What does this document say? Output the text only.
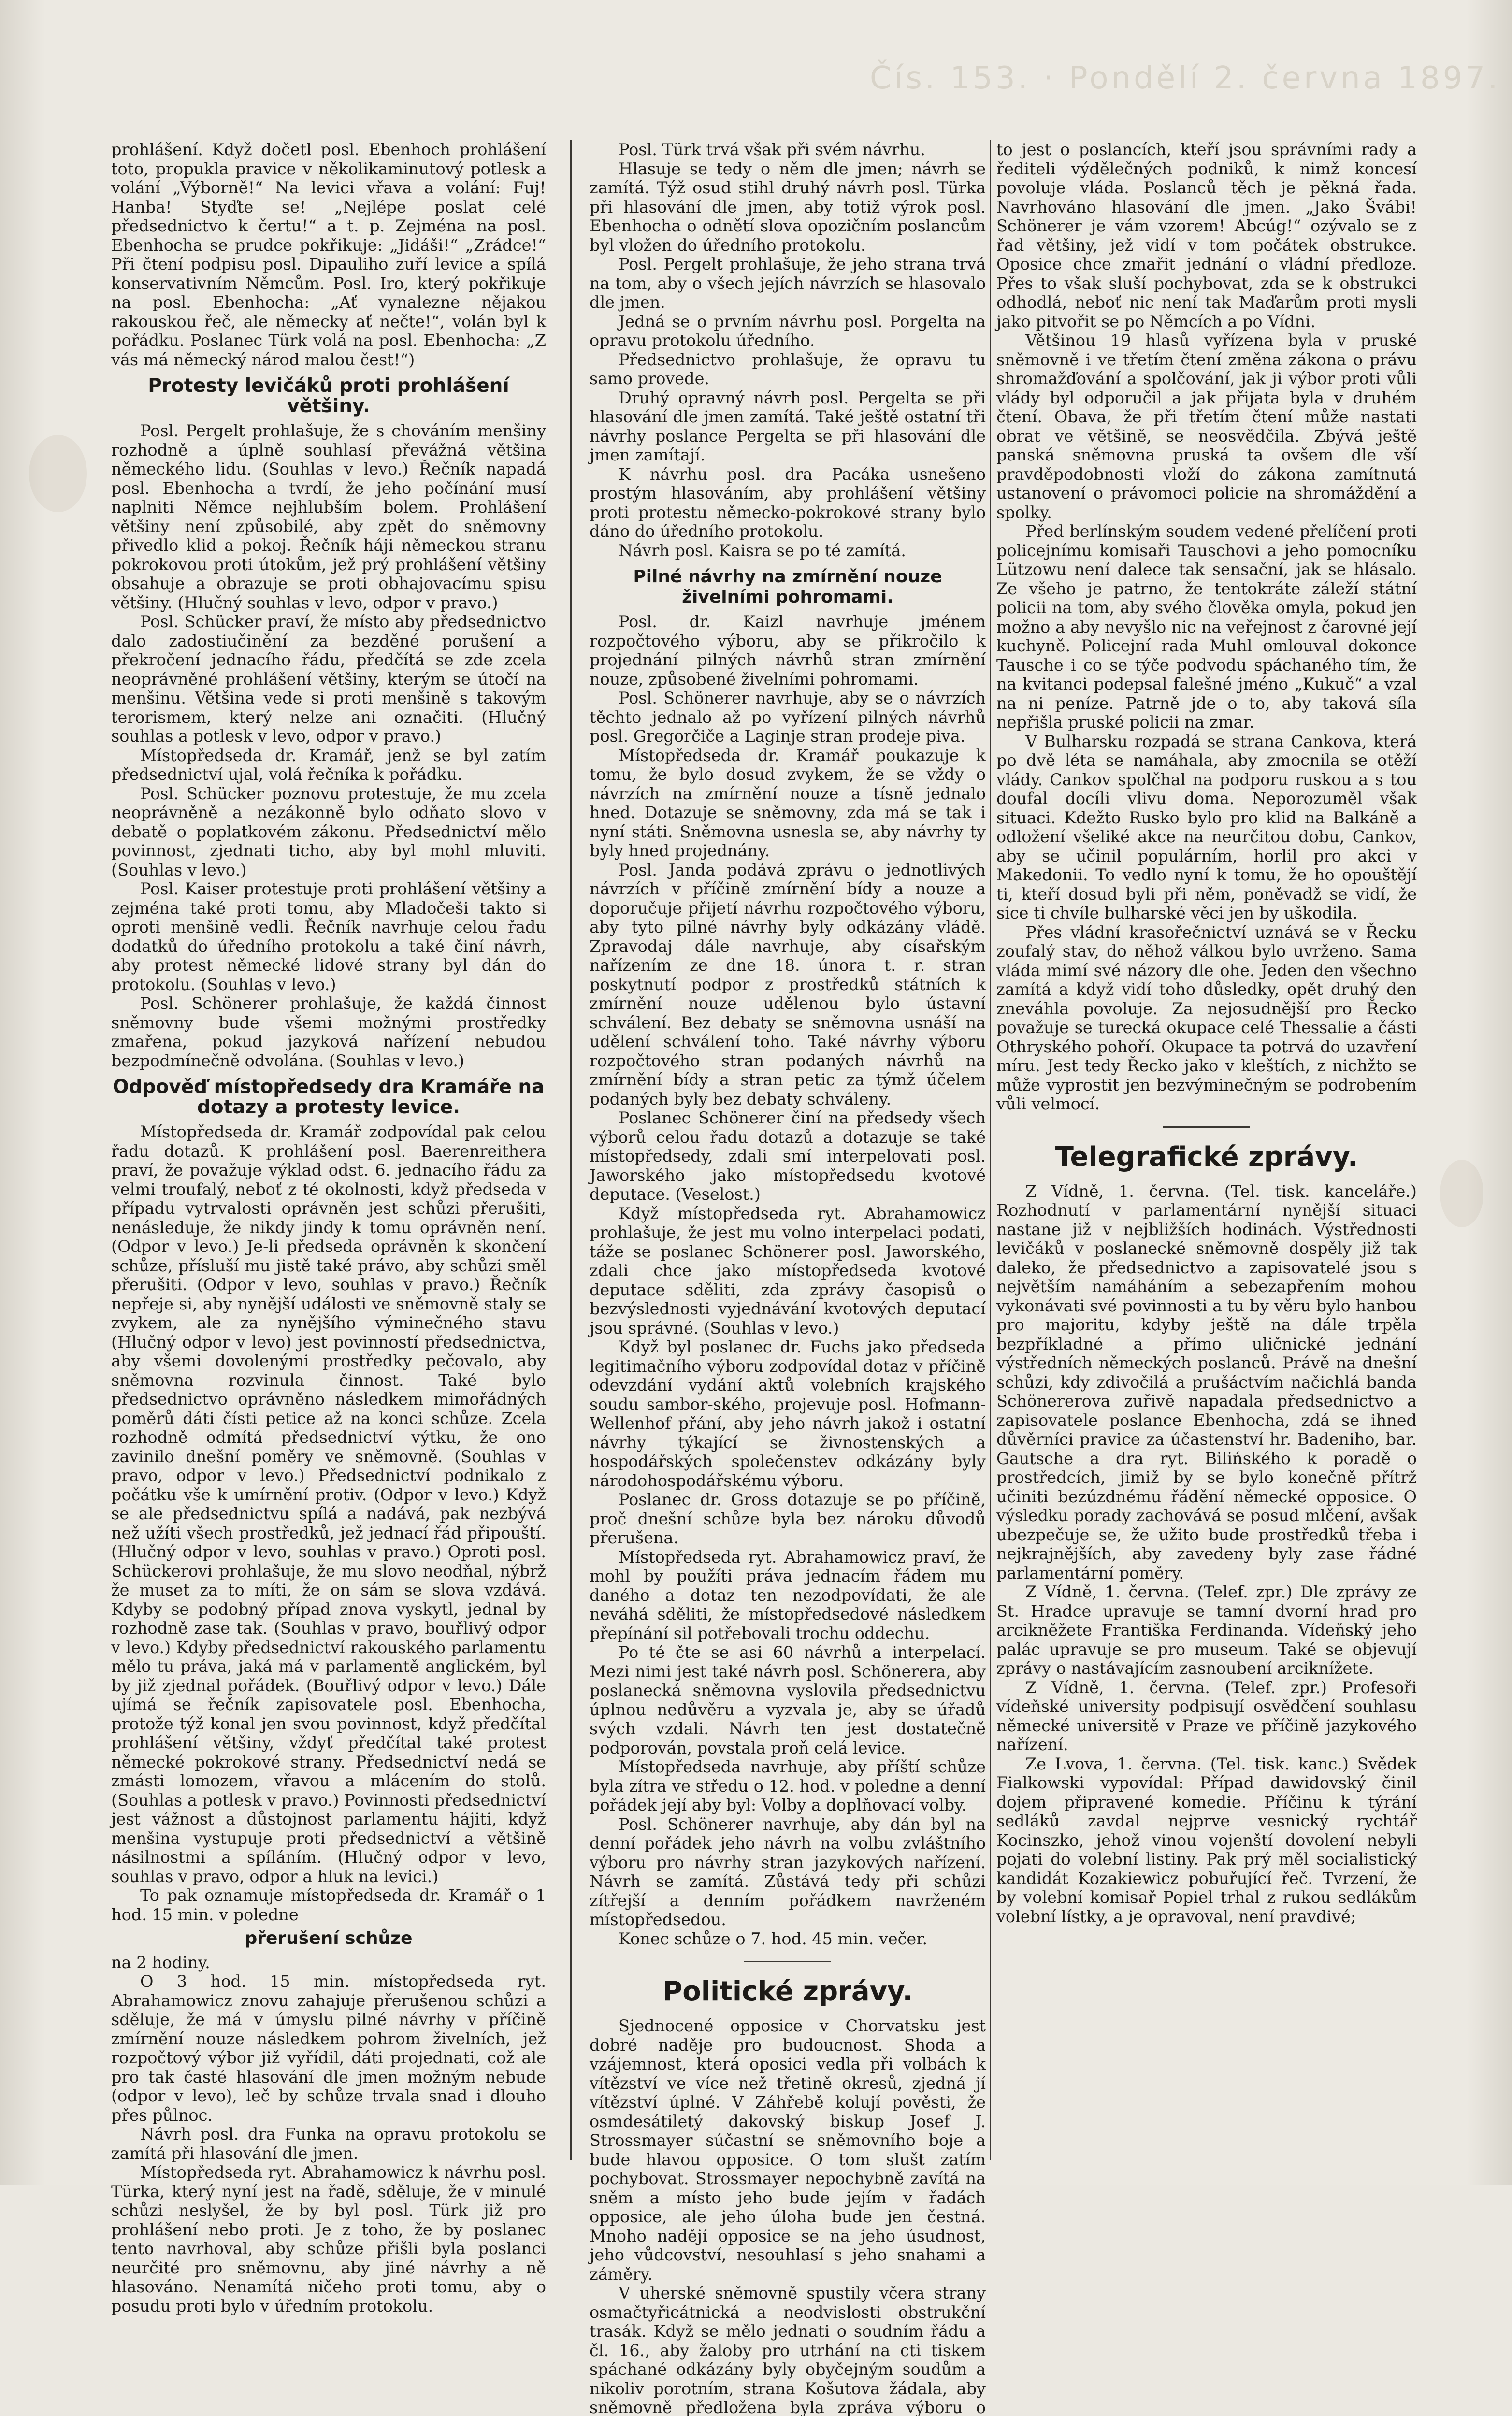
Čís. 153. · Pondělí 2. června 1897.

prohlášení. Když dočetl posl. Ebenhoch prohlášení toto, propukla pravice v několikaminutový potlesk a volání „Výborně!“ Na levici vřava a volání: Fuj! Hanba! Styďte se! „Nejlépe poslat celé předsednictvo k čertu!“ a t. p. Zejména na posl. Ebenhocha se prudce pokřikuje: „Jidáši!“ „Zrádce!“ Při čtení podpisu posl. Dipauliho zuří levice a spílá konservativním Němcům. Posl. Iro, který pokřikuje na posl. Ebenhocha: „Ať vynalezne nějakou rakouskou řeč, ale německy ať nečte!“, volán byl k pořádku. Poslanec Türk volá na posl. Ebenhocha: „Z vás má německý národ malou čest!“)

Protesty levičáků proti prohlášení většiny.

Posl. Pergelt prohlašuje, že s chováním menšiny rozhodně a úplně souhlasí převážná většina německého lidu. (Souhlas v levo.) Řečník napadá posl. Ebenhocha a tvrdí, že jeho počínání musí naplniti Němce nejhlubším bolem. Prohlášení většiny není způsobilé, aby zpět do sněmovny přivedlo klid a pokoj. Řečník háji německou stranu pokrokovou proti útokům, jež prý prohlášení většiny obsahuje a obrazuje se proti obhajovacímu spisu většiny. (Hlučný souhlas v levo, odpor v pravo.)

Posl. Schücker praví, že místo aby předsednictvo dalo zadostiučinění za bezděné porušení a překročení jednacího řádu, předčítá se zde zcela neoprávněné prohlášení většiny, kterým se útočí na menšinu. Většina vede si proti menšině s takovým terorismem, který nelze ani označiti. (Hlučný souhlas a potlesk v levo, odpor v pravo.)

Místopředseda dr. Kramář, jenž se byl zatím předsednictví ujal, volá řečníka k pořádku.

Posl. Schücker poznovu protestuje, že mu zcela neoprávněně a nezákonně bylo odňato slovo v debatě o poplatkovém zákonu. Předsednictví mělo povinnost, zjednati ticho, aby byl mohl mluviti. (Souhlas v levo.)

Posl. Kaiser protestuje proti prohlášení většiny a zejména také proti tomu, aby Mladočeši takto si oproti menšině vedli. Řečník navrhuje celou řadu dodatků do úředního protokolu a také činí návrh, aby protest německé lidové strany byl dán do protokolu. (Souhlas v levo.)

Posl. Schönerer prohlašuje, že každá činnost sněmovny bude všemi možnými prostředky zmařena, pokud jazyková nařízení nebudou bezpodmínečně odvolána. (Souhlas v levo.)

Odpověď místopředsedy dra Kramáře na dotazy a protesty levice.

Místopředseda dr. Kramář zodpovídal pak celou řadu dotazů. K prohlášení posl. Baerenreithera praví, že považuje výklad odst. 6. jednacího řádu za velmi troufalý, neboť z té okolnosti, když předseda v případu vytrvalosti oprávněn jest schůzi přerušiti, nenásleduje, že nikdy jindy k tomu oprávněn není. (Odpor v levo.) Je-li předseda oprávněn k skončení schůze, přísluší mu jistě také právo, aby schůzi směl přerušiti. (Odpor v levo, souhlas v pravo.) Řečník nepřeje si, aby nynější události ve sněmovně staly se zvykem, ale za nynějšího výminečného stavu (Hlučný odpor v levo) jest povinností předsednictva, aby všemi dovolenými prostředky pečovalo, aby sněmovna rozvinula činnost. Také bylo předsednictvo oprávněno následkem mimořádných poměrů dáti čísti petice až na konci schůze. Zcela rozhodně odmítá předsednictví výtku, že ono zavinilo dnešní poměry ve sněmovně. (Souhlas v pravo, odpor v levo.) Předsednictví podnikalo z počátku vše k umírnění protiv. (Odpor v levo.) Když se ale předsednictvu spílá a nadává, pak nezbývá než užíti všech prostředků, jež jednací řád připouští. (Hlučný odpor v levo, souhlas v pravo.) Oproti posl. Schückerovi prohlašuje, že mu slovo neodňal, nýbrž že muset za to míti, že on sám se slova vzdává. Kdyby se podobný případ znova vyskytl, jednal by rozhodně zase tak. (Souhlas v pravo, bouřlivý odpor v levo.) Kdyby předsednictví rakouského parlamentu mělo tu práva, jaká má v parlamentě anglickém, byl by již zjednal pořádek. (Bouřlivý odpor v levo.) Dále ujímá se řečník zapisovatele posl. Ebenhocha, protože týž konal jen svou povinnost, když předčítal prohlášení většiny, vždyť předčítal také protest německé pokrokové strany. Předsednictví nedá se zmásti lomozem, vřavou a mlácením do stolů. (Souhlas a potlesk v pravo.) Povinnosti předsednictví jest vážnost a důstojnost parlamentu hájiti, když menšina vystupuje proti předsednictví a většině násilnostmi a spíláním. (Hlučný odpor v levo, souhlas v pravo, odpor a hluk na levici.)

To pak oznamuje místopředseda dr. Kramář o 1 hod. 15 min. v poledne

přerušení schůze

na 2 hodiny.

O 3 hod. 15 min. místopředseda ryt. Abrahamowicz znovu zahajuje přerušenou schůzi a sděluje, že má v úmyslu pilné návrhy v příčině zmírnění nouze následkem pohrom živelních, jež rozpočtový výbor již vyřídil, dáti projednati, což ale pro tak časté hlasování dle jmen možným nebude (odpor v levo), leč by schůze trvala snad i dlouho přes půlnoc.

Návrh posl. dra Funka na opravu protokolu se zamítá při hlasování dle jmen.

Místopředseda ryt. Abrahamowicz k návrhu posl. Türka, který nyní jest na řadě, sděluje, že v minulé schůzi neslyšel, že by byl posl. Türk již pro prohlášení nebo proti. Je z toho, že by poslanec tento navrhoval, aby schůze přišli byla poslanci neurčité pro sněmovnu, aby jiné návrhy a ně hlasováno. Nenamítá ničeho proti tomu, aby o posudu proti bylo v úředním protokolu.

Posl. Türk trvá však při svém návrhu.

Hlasuje se tedy o něm dle jmen; návrh se zamítá. Týž osud stihl druhý návrh posl. Türka při hlasování dle jmen, aby totiž výrok posl. Ebenhocha o odnětí slova opozičním poslancům byl vložen do úředního protokolu.

Posl. Pergelt prohlašuje, že jeho strana trvá na tom, aby o všech jejích návrzích se hlasovalo dle jmen.

Jedná se o prvním návrhu posl. Porgelta na opravu protokolu úředního.

Předsednictvo prohlašuje, že opravu tu samo provede.

Druhý opravný návrh posl. Pergelta se při hlasování dle jmen zamítá. Také ještě ostatní tři návrhy poslance Pergelta se při hlasování dle jmen zamítají.

K návrhu posl. dra Pacáka usnešeno prostým hlasováním, aby prohlášení většiny proti protestu německo-pokrokové strany bylo dáno do úředního protokolu.

Návrh posl. Kaisra se po té zamítá.

Pilné návrhy na zmírnění nouze živelními pohromami.

Posl. dr. Kaizl navrhuje jménem rozpočtového výboru, aby se přikročilo k projednání pilných návrhů stran zmírnění nouze, způsobené živelními pohromami.

Posl. Schönerer navrhuje, aby se o návrzích těchto jednalo až po vyřízení pilných návrhů posl. Gregorčiče a Laginje stran prodeje piva.

Místopředseda dr. Kramář poukazuje k tomu, že bylo dosud zvykem, že se vždy o návrzích na zmírnění nouze a tísně jednalo hned. Dotazuje se sněmovny, zda má se tak i nyní státi. Sněmovna usnesla se, aby návrhy ty byly hned projednány.

Posl. Janda podává zprávu o jednotlivých návrzích v příčině zmírnění bídy a nouze a doporučuje přijetí návrhu rozpočtového výboru, aby tyto pilné návrhy byly odkázány vládě. Zpravodaj dále navrhuje, aby císařským nařízením ze dne 18. února t. r. stran poskytnutí podpor z prostředků státních k zmírnění nouze udělenou bylo ústavní schválení. Bez debaty se sněmovna usnáší na udělení schválení toho. Také návrhy výboru rozpočtového stran podaných návrhů na zmírnění bídy a stran petic za týmž účelem podaných byly bez debaty schváleny.

Poslanec Schönerer činí na předsedy všech výborů celou řadu dotazů a dotazuje se také místopředsedy, zdali smí interpelovati posl. Jaworského jako místopředsedu kvotové deputace. (Veselost.)

Když místopředseda ryt. Abrahamowicz prohlašuje, že jest mu volno interpelaci podati, táže se poslanec Schönerer posl. Jaworského, zdali chce jako místopředseda kvotové deputace sděliti, zda zprávy časopisů o bezvýslednosti vyjednávání kvotových deputací jsou správné. (Souhlas v levo.)

Když byl poslanec dr. Fuchs jako předseda legitimačního výboru zodpovídal dotaz v příčině odevzdání vydání aktů volebních krajského soudu sambor-ského, projevuje posl. Hofmann-Wellenhof přání, aby jeho návrh jakož i ostatní návrhy týkající se živnostenských a hospodářských společenstev odkázány byly národohospodářskému výboru.

Poslanec dr. Gross dotazuje se po příčině, proč dnešní schůze byla bez nároku důvodů přerušena.

Místopředseda ryt. Abrahamowicz praví, že mohl by použíti práva jednacím řádem mu daného a dotaz ten nezodpovídati, že ale neváhá sděliti, že místopředsedové následkem přepínání sil potřebovali trochu oddechu.

Po té čte se asi 60 návrhů a interpelací. Mezi nimi jest také návrh posl. Schönerera, aby poslanecká sněmovna vyslovila předsednictvu úplnou nedůvěru a vyzvala je, aby se úřadů svých vzdali. Návrh ten jest dostatečně podporován, povstala proň celá levice.

Místopředseda navrhuje, aby příští schůze byla zítra ve středu o 12. hod. v poledne a denní pořádek její aby byl: Volby a doplňovací volby.

Posl. Schönerer navrhuje, aby dán byl na denní pořádek jeho návrh na volbu zvláštního výboru pro návrhy stran jazykových nařízení. Návrh se zamítá. Zůstává tedy při schůzi zítřejší a denním pořádkem navrženém místopředsedou.

Konec schůze o 7. hod. 45 min. večer.

Politické zprávy.

Sjednocené opposice v Chorvatsku jest dobré naděje pro budoucnost. Shoda a vzájemnost, která oposici vedla při volbách k vítězství ve více než třetině okresů, zjedná jí vítězství úplné. V Záhřebě kolují pověsti, že osmdesátiletý dakovský biskup Josef J. Strossmayer súčastní se sněmovního boje a bude hlavou opposice. O tom slušt zatím pochybovat. Strossmayer nepochybně zavítá na sněm a místo jeho bude jejím v řadách opposice, ale jeho úloha bude jen čestná. Mnoho nadějí opposice se na jeho úsudnost, jeho vůdcovství, nesouhlasí s jeho snahami a záměry.

V uherské sněmovně spustily včera strany osmačtyřicátnická a neodvislosti obstrukční trasák. Když se mělo jednati o soudním řádu a čl. 16., aby žaloby pro utrhání na cti tiskem spáchané odkázány byly obyčejným soudům a nikoliv porotním, strana Košutova žádala, aby sněmovně předložena byla zpráva výboru o

to jest o poslancích, kteří jsou správními rady a řediteli výdělečných podniků, k nimž koncesí povoluje vláda. Poslanců těch je pěkná řada. Navrhováno hlasování dle jmen. „Jako Švábi! Schönerer je vám vzorem! Abcúg!“ ozývalo se z řad většiny, jež vidí v tom počátek obstrukce. Oposice chce zmařit jednání o vládní předloze. Přes to však sluší pochybovat, zda se k obstrukci odhodlá, neboť nic není tak Maďarům proti mysli jako pitvořit se po Němcích a po Vídni.

Většinou 19 hlasů vyřízena byla v pruské sněmovně i ve třetím čtení změna zákona o právu shromažďování a spolčování, jak ji výbor proti vůli vlády byl odporučil a jak přijata byla v druhém čtení. Obava, že při třetím čtení může nastati obrat ve většině, se neosvědčila. Zbývá ještě panská sněmovna pruská ta ovšem dle vší pravděpodobnosti vloží do zákona zamítnutá ustanovení o právomoci policie na shromáždění a spolky.

Před berlínským soudem vedené přelíčení proti policejnímu komisaři Tauschovi a jeho pomocníku Lützowu není dalece tak sensační, jak se hlásalo. Ze všeho je patrno, že tentokráte záleží státní policii na tom, aby svého člověka omyla, pokud jen možno a aby nevyšlo nic na veřejnost z čarovné její kuchyně. Policejní rada Muhl omlouval dokonce Tausche i co se týče podvodu spáchaného tím, že na kvitanci podepsal falešné jméno „Kukuč“ a vzal na ni peníze. Patrně jde o to, aby taková síla nepřišla pruské policii na zmar.

V Bulharsku rozpadá se strana Cankova, která po dvě léta se namáhala, aby zmocnila se otěží vlády. Cankov spolčhal na podporu ruskou a s tou doufal docíli vlivu doma. Neporozuměl však situaci. Kdežto Rusko bylo pro klid na Balkáně a odložení všeliké akce na neurčitou dobu, Cankov, aby se učinil populárním, horlil pro akci v Makedonii. To vedlo nyní k tomu, že ho opouštějí ti, kteří dosud byli při něm, poněvadž se vidí, že sice ti chvíle bulharské věci jen by uškodila.

Přes vládní krasořečnictví uznává se v Řecku zoufalý stav, do něhož válkou bylo uvrženo. Sama vláda mimí své názory dle ohe. Jeden den všechno zamítá a když vidí toho důsledky, opět druhý den zneváhla povoluje. Za nejosudnější pro Řecko považuje se turecká okupace celé Thessalie a části Othryského pohoří. Okupace ta potrvá do uzavření míru. Jest tedy Řecko jako v kleštích, z nichžto se může vyprostit jen bezvýminečným se podrobením vůli velmocí.

Telegrafické zprávy.

Z Vídně, 1. června. (Tel. tisk. kanceláře.) Rozhodnutí v parlamentární nynější situaci nastane již v nejbližších hodinách. Výstřednosti levičáků v poslanecké sněmovně dospěly již tak daleko, že předsednictvo a zapisovatelé jsou s největším namáháním a sebezapřením mohou vykonávati své povinnosti a tu by věru bylo hanbou pro majoritu, kdyby ještě na dále trpěla bezpříkladné a přímo uličnické jednání výstředních německých poslanců. Právě na dnešní schůzi, kdy zdivočilá a prušáctvím načichlá banda Schönererova zuřivě napadala předsednictvo a zapisovatele poslance Ebenhocha, zdá se ihned důvěrníci pravice za účastenství hr. Badeniho, bar. Gautsche a dra ryt. Bilińského k poradě o prostředcích, jimiž by se bylo konečně přítrž učiniti bezúzdnému řádění německé opposice. O výsledku porady zachovává se posud mlčení, avšak ubezpečuje se, že užito bude prostředků třeba i nejkrajnějších, aby zavedeny byly zase řádné parlamentární poměry.

Z Vídně, 1. června. (Telef. zpr.) Dle zprávy ze St. Hradce upravuje se tamní dvorní hrad pro arcikněžete Františka Ferdinanda. Vídeňský jeho palác upravuje se pro museum. Také se objevují zprávy o nastávajícím zasnoubení arciknížete.

Z Vídně, 1. června. (Telef. zpr.) Profesoři vídeňské university podpisují osvědčení souhlasu německé universitě v Praze ve příčině jazykového nařízení.

Ze Lvova, 1. června. (Tel. tisk. kanc.) Svědek Fialkowski vypovídal: Případ dawidovský činil dojem připravené komedie. Příčinu k týrání sedláků zavdal nejprve vesnický rychtář Kocinszko, jehož vinou vojenští dovolení nebyli pojati do volební listiny. Pak prý měl socialistický kandidát Kozakiewicz pobuřující řeč. Tvrzení, že by volební komisař Popiel trhal z rukou sedlákům volební lístky, a je opravoval, není pravdivé;
